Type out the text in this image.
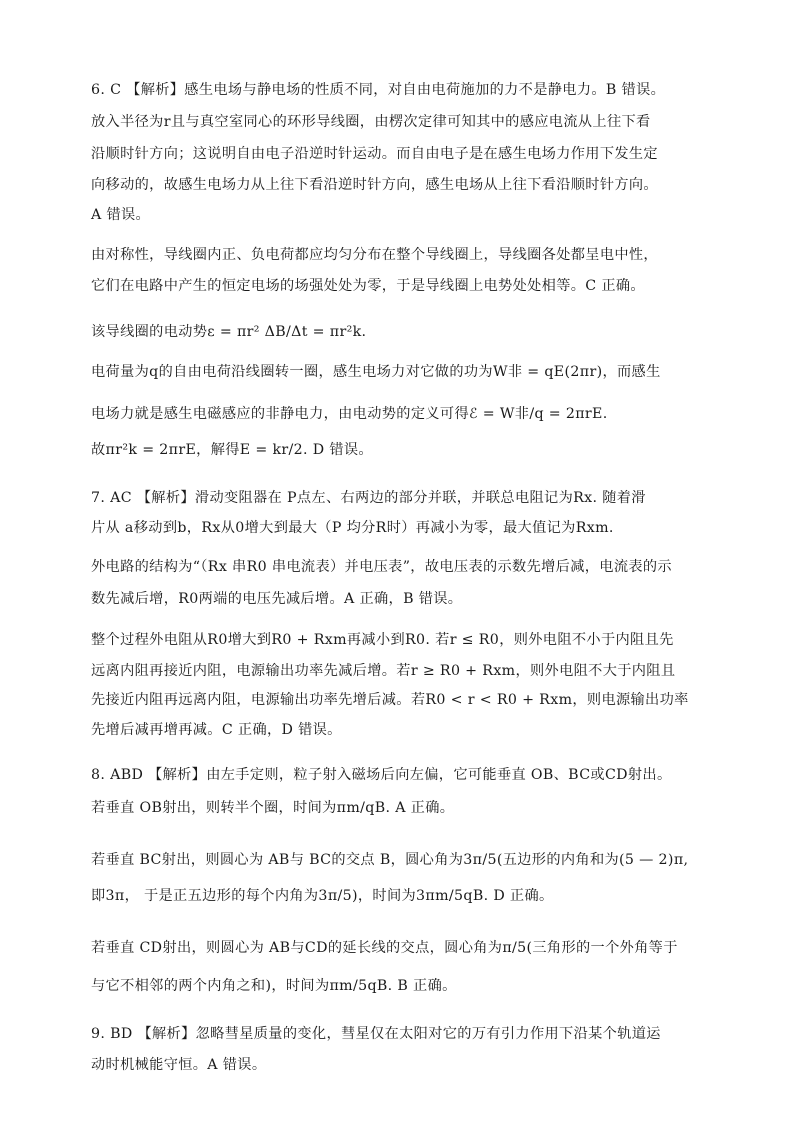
6. C 【解析】感生电场与静电场的性质不同，对自由电荷施加的力不是静电力。B 错误。
放入半径为r且与真空室同心的环形导线圈，由楞次定律可知其中的感应电流从上往下看
沿顺时针方向；这说明自由电子沿逆时针运动。而自由电子是在感生电场力作用下发生定
向移动的，故感生电场力从上往下看沿逆时针方向，感生电场从上往下看沿顺时针方向。
A 错误。
由对称性，导线圈内正、负电荷都应均匀分布在整个导线圈上，导线圈各处都呈电中性，
它们在电路中产生的恒定电场的场强处处为零，于是导线圈上电势处处相等。C 正确。
该导线圈的电动势ε = πr² ΔB/Δt = πr²k.
电荷量为q的自由电荷沿线圈转一圈，感生电场力对它做的功为W非 = qE(2πr)，而感生
电场力就是感生电磁感应的非静电力，由电动势的定义可得ℰ = W非/q = 2πrE.
故πr²k = 2πrE，解得E = kr/2. D 错误。
7. AC 【解析】滑动变阻器在 P点左、右两边的部分并联，并联总电阻记为Rx. 随着滑
片从 a移动到b，Rx从0增大到最大（P 均分R时）再减小为零，最大值记为Rxm.
外电路的结构为“（Rx 串R0 串电流表）并电压表”，故电压表的示数先增后减，电流表的示
数先减后增，R0两端的电压先减后增。A 正确，B 错误。
整个过程外电阻从R0增大到R0 + Rxm再减小到R0. 若r ≤ R0，则外电阻不小于内阻且先
远离内阻再接近内阻，电源输出功率先减后增。若r ≥ R0 + Rxm，则外电阻不大于内阻且
先接近内阻再远离内阻，电源输出功率先增后减。若R0 < r < R0 + Rxm，则电源输出功率
先增后减再增再减。C 正确，D 错误。
8. ABD 【解析】由左手定则，粒子射入磁场后向左偏，它可能垂直 OB、BC或CD射出。
若垂直 OB射出，则转半个圈，时间为πm/qB. A 正确。
若垂直 BC射出，则圆心为 AB与 BC的交点 B，圆心角为3π/5(五边形的内角和为(5 — 2)π,
即3π， 于是正五边形的每个内角为3π/5)，时间为3πm/5qB. D 正确。
若垂直 CD射出，则圆心为 AB与CD的延长线的交点，圆心角为π/5(三角形的一个外角等于
与它不相邻的两个内角之和)，时间为πm/5qB. B 正确。
9. BD 【解析】忽略彗星质量的变化，彗星仅在太阳对它的万有引力作用下沿某个轨道运
动时机械能守恒。A 错误。
